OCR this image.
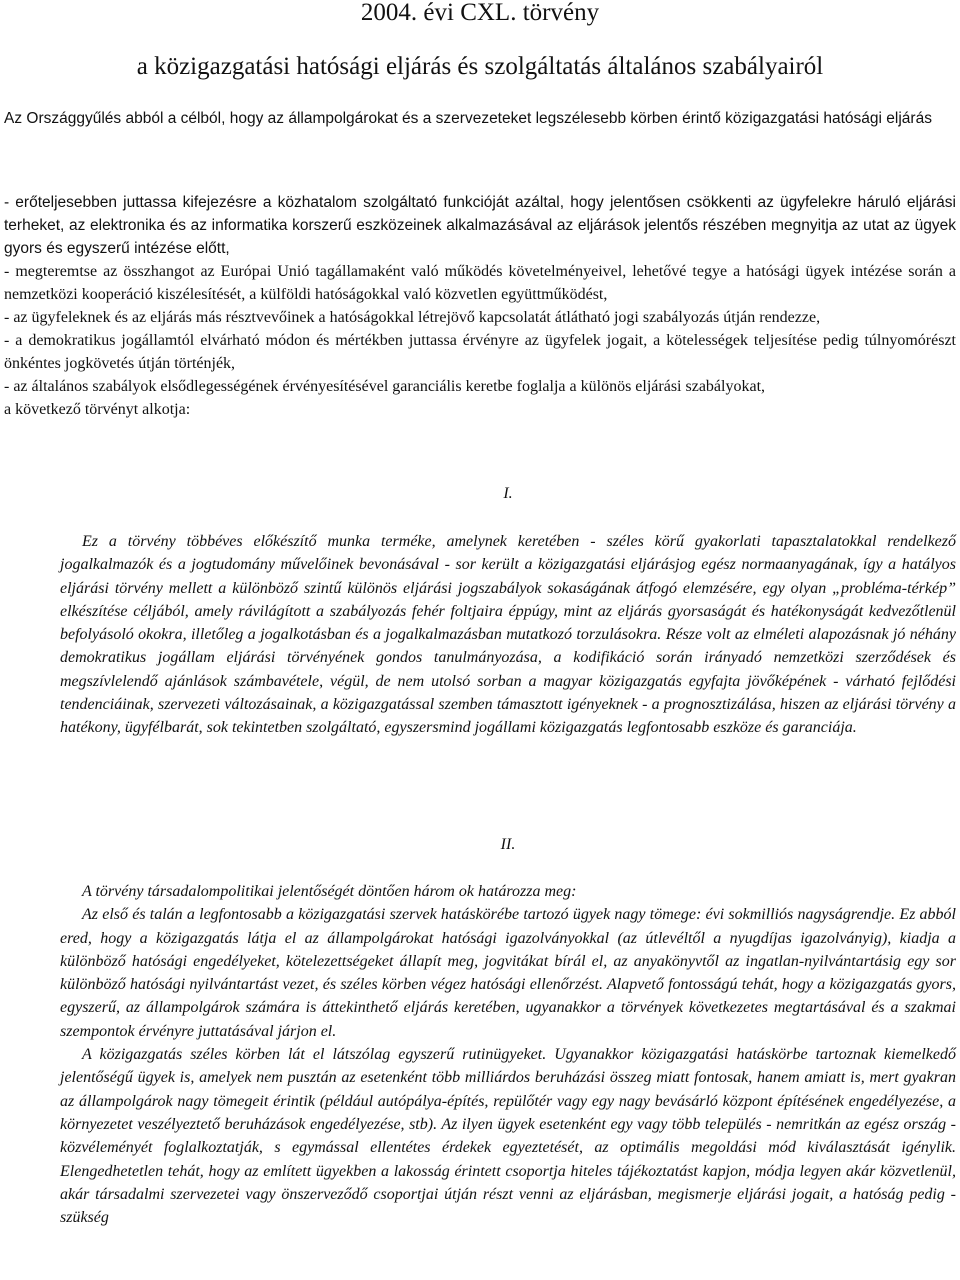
2004. évi CXL. törvény
a közigazgatási hatósági eljárás és szolgáltatás általános szabályairól

Az Országgyűlés abból a célból, hogy az állampolgárokat és a szervezeteket legszélesebb körben érintő közigazgatási hatósági eljárás

- erőteljesebben juttassa kifejezésre a közhatalom szolgáltató funkcióját azáltal, hogy jelentősen csökkenti az ügyfelekre háruló eljárási terheket, az elektronika és az informatika korszerű eszközeinek alkalmazásával az eljárások jelentős részében megnyitja az utat az ügyek gyors és egyszerű intézése előtt,

- megteremtse az összhangot az Európai Unió tagállamaként való működés követelményeivel, lehetővé tegye a hatósági ügyek intézése során a nemzetközi kooperáció kiszélesítését, a külföldi hatóságokkal való közvetlen együttműködést,

- az ügyfeleknek és az eljárás más résztvevőinek a hatóságokkal létrejövő kapcsolatát átlátható jogi szabályozás útján rendezze,

- a demokratikus jogállamtól elvárható módon és mértékben juttassa érvényre az ügyfelek jogait, a kötelességek teljesítése pedig túlnyomórészt önkéntes jogkövetés útján történjék,

- az általános szabályok elsődlegességének érvényesítésével garanciális keretbe foglalja a különös eljárási szabályokat,

a következő törvényt alkotja:

I.

Ez a törvény többéves előkészítő munka terméke, amelynek keretében - széles körű gyakorlati tapasztalatokkal rendelkező jogalkalmazók és a jogtudomány művelőinek bevonásával - sor került a közigazgatási eljárásjog egész normaanyagának, így a hatályos eljárási törvény mellett a különböző szintű különös eljárási jogszabályok sokaságának átfogó elemzésére, egy olyan „probléma-térkép” elkészítése céljából, amely rávilágított a szabályozás fehér foltjaira éppúgy, mint az eljárás gyorsaságát és hatékonyságát kedvezőtlenül befolyásoló okokra, illetőleg a jogalkotásban és a jogalkalmazásban mutatkozó torzulásokra. Része volt az elméleti alapozásnak jó néhány demokratikus jogállam eljárási törvényének gondos tanulmányozása, a kodifikáció során irányadó nemzetközi szerződések és megszívlelendő ajánlások számbavétele, végül, de nem utolsó sorban a magyar közigazgatás egyfajta jövőképének - várható fejlődési tendenciáinak, szervezeti változásainak, a közigazgatással szemben támasztott igényeknek - a prognosztizálása, hiszen az eljárási törvény a hatékony, ügyfélbarát, sok tekintetben szolgáltató, egyszersmind jogállami közigazgatás legfontosabb eszköze és garanciája.

II.

A törvény társadalompolitikai jelentőségét döntően három ok határozza meg:

Az első és talán a legfontosabb a közigazgatási szervek hatáskörébe tartozó ügyek nagy tömege: évi sokmilliós nagyságrendje. Ez abból ered, hogy a közigazgatás látja el az állampolgárokat hatósági igazolványokkal (az útlevéltől a nyugdíjas igazolványig), kiadja a különböző hatósági engedélyeket, kötelezettségeket állapít meg, jogvitákat bírál el, az anyakönyvtől az ingatlan-nyilvántartásig egy sor különböző hatósági nyilvántartást vezet, és széles körben végez hatósági ellenőrzést. Alapvető fontosságú tehát, hogy a közigazgatás gyors, egyszerű, az állampolgárok számára is áttekinthető eljárás keretében, ugyanakkor a törvények következetes megtartásával és a szakmai szempontok érvényre juttatásával járjon el.

A közigazgatás széles körben lát el látszólag egyszerű rutinügyeket. Ugyanakkor közigazgatási hatáskörbe tartoznak kiemelkedő jelentőségű ügyek is, amelyek nem pusztán az esetenként több milliárdos beruházási összeg miatt fontosak, hanem amiatt is, mert gyakran az állampolgárok nagy tömegeit érintik (például autópálya-építés, repülőtér vagy egy nagy bevásárló központ építésének engedélyezése, a környezetet veszélyeztető beruházások engedélyezése, stb). Az ilyen ügyek esetenként egy vagy több település - nemritkán az egész ország - közvéleményét foglalkoztatják, s egymással ellentétes érdekek egyeztetését, az optimális megoldási mód kiválasztását igénylik. Elengedhetetlen tehát, hogy az említett ügyekben a lakosság érintett csoportja hiteles tájékoztatást kapjon, módja legyen akár közvetlenül, akár társadalmi szervezetei vagy önszerveződő csoportjai útján részt venni az eljárásban, megismerje eljárási jogait, a hatóság pedig - szükség
